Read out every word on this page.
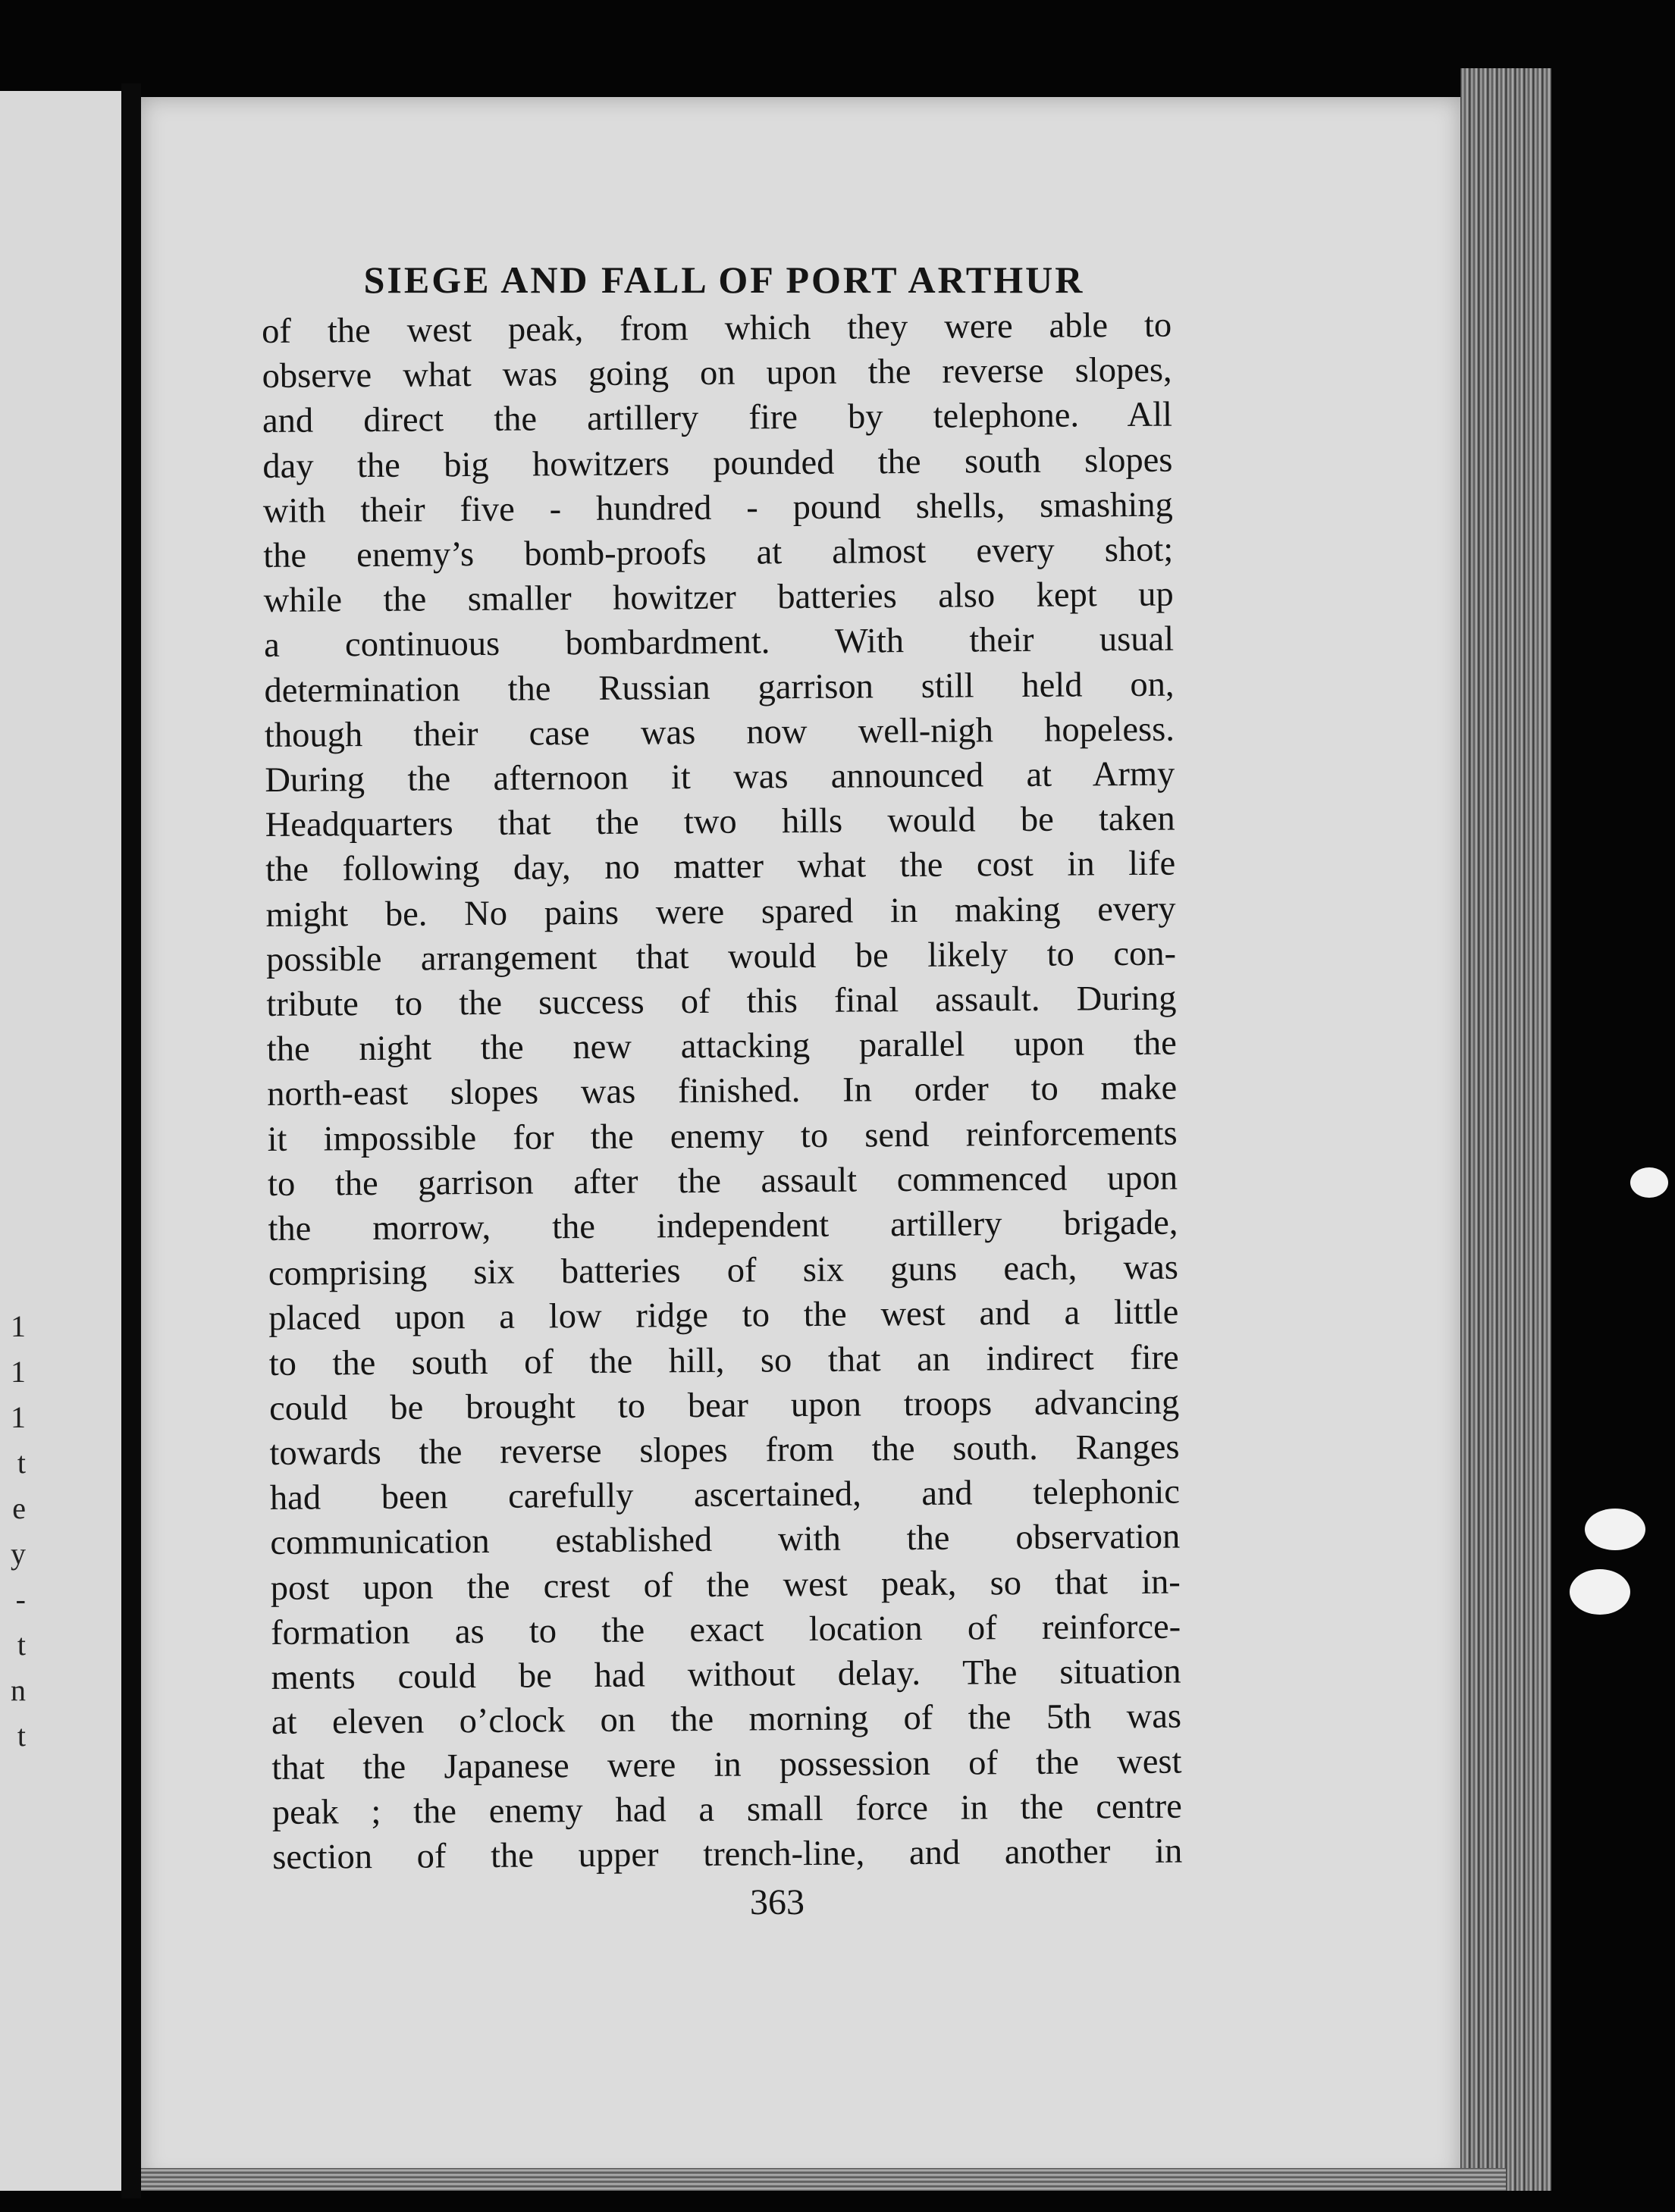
1
1
1
t
e
y
-
t
n
t
SIEGE AND FALL OF PORT ARTHUR
of the west peak, from which they were able to
observe what was going on upon the reverse slopes,
and direct the artillery fire by telephone. All
day the big howitzers pounded the south slopes
with their five - hundred - pound shells, smashing
the enemy’s bomb-proofs at almost every shot;
while the smaller howitzer batteries also kept up
a continuous bombardment. With their usual
determination the Russian garrison still held on,
though their case was now well-nigh hopeless.
During the afternoon it was announced at Army
Headquarters that the two hills would be taken
the following day, no matter what the cost in life
might be. No pains were spared in making every
possible arrangement that would be likely to con-
tribute to the success of this final assault. During
the night the new attacking parallel upon the
north-east slopes was finished. In order to make
it impossible for the enemy to send reinforcements
to the garrison after the assault commenced upon
the morrow, the independent artillery brigade,
comprising six batteries of six guns each, was
placed upon a low ridge to the west and a little
to the south of the hill, so that an indirect fire
could be brought to bear upon troops advancing
towards the reverse slopes from the south. Ranges
had been carefully ascertained, and telephonic
communication established with the observation
post upon the crest of the west peak, so that in-
formation as to the exact location of reinforce-
ments could be had without delay. The situation
at eleven o’clock on the morning of the 5th was
that the Japanese were in possession of the west
peak ; the enemy had a small force in the centre
section of the upper trench-line, and another in
363
